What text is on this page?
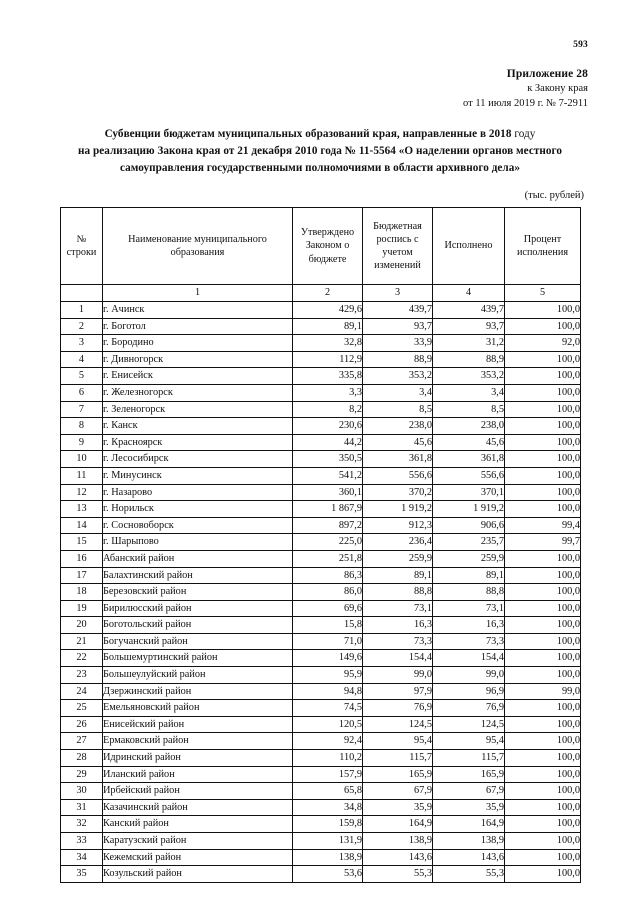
593
Приложение 28
к Закону края
от 11 июля 2019 г. № 7-2911
Субвенции бюджетам муниципальных образований края, направленные в 2018 году
на реализацию Закона края от 21 декабря 2010 года № 11-5564 «О наделении органов местного
самоуправления государственными полномочиями в области архивного дела»
(тыс. рублей)
№
строки

Наименование муниципального
образования

Утверждено
Законом о
бюджете

Бюджетная
роспись с
учетом
изменений

Исполнено

Процент
исполнения

	1	2	3	4	5
1	г. Ачинск	429,6	439,7	439,7	100,0
2	г. Боготол	89,1	93,7	93,7	100,0
3	г. Бородино	32,8	33,9	31,2	92,0
4	г. Дивногорск	112,9	88,9	88,9	100,0
5	г. Енисейск	335,8	353,2	353,2	100,0
6	г. Железногорск	3,3	3,4	3,4	100,0
7	г. Зеленогорск	8,2	8,5	8,5	100,0
8	г. Канск	230,6	238,0	238,0	100,0
9	г. Красноярск	44,2	45,6	45,6	100,0
10	г. Лесосибирск	350,5	361,8	361,8	100,0
11	г. Минусинск	541,2	556,6	556,6	100,0
12	г. Назарово	360,1	370,2	370,1	100,0
13	г. Норильск	1 867,9	1 919,2	1 919,2	100,0
14	г. Сосновоборск	897,2	912,3	906,6	99,4
15	г. Шарыпово	225,0	236,4	235,7	99,7
16	Абанский район	251,8	259,9	259,9	100,0
17	Балахтинский район	86,3	89,1	89,1	100,0
18	Березовский район	86,0	88,8	88,8	100,0
19	Бирилюсский район	69,6	73,1	73,1	100,0
20	Боготольский район	15,8	16,3	16,3	100,0
21	Богучанский район	71,0	73,3	73,3	100,0
22	Большемуртинский район	149,6	154,4	154,4	100,0
23	Большеулуйский район	95,9	99,0	99,0	100,0
24	Дзержинский район	94,8	97,9	96,9	99,0
25	Емельяновский район	74,5	76,9	76,9	100,0
26	Енисейский район	120,5	124,5	124,5	100,0
27	Ермаковский район	92,4	95,4	95,4	100,0
28	Идринский район	110,2	115,7	115,7	100,0
29	Иланский район	157,9	165,9	165,9	100,0
30	Ирбейский район	65,8	67,9	67,9	100,0
31	Казачинский район	34,8	35,9	35,9	100,0
32	Канский район	159,8	164,9	164,9	100,0
33	Каратузский район	131,9	138,9	138,9	100,0
34	Кежемский район	138,9	143,6	143,6	100,0
35	Козульский район	53,6	55,3	55,3	100,0
